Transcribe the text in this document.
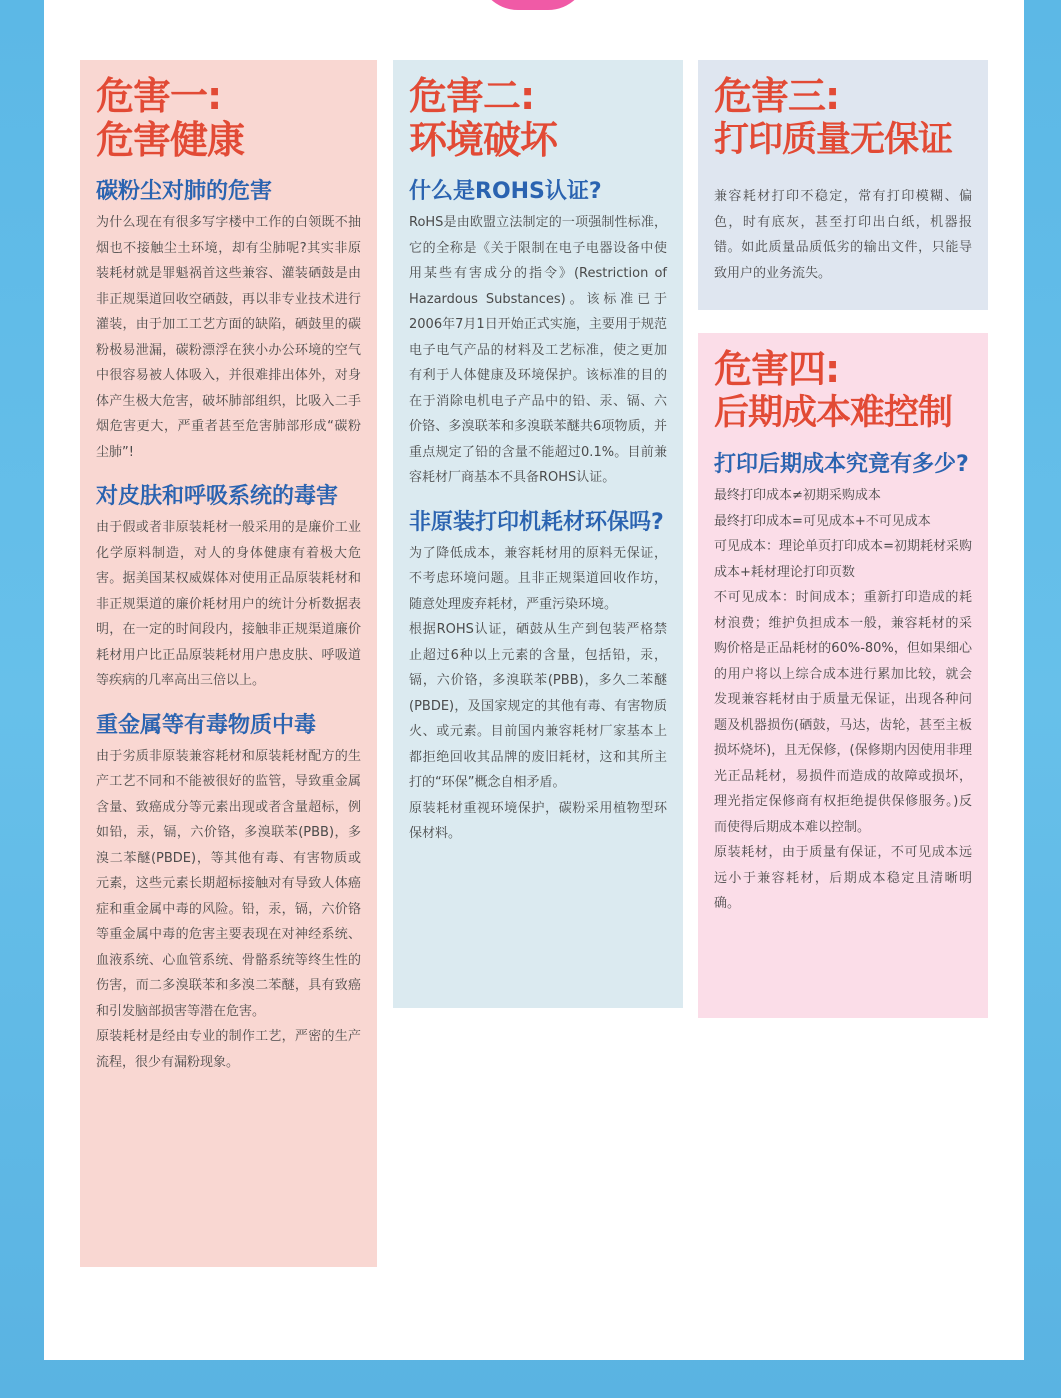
危害一:
危害健康
碳粉尘对肺的危害

为什么现在有很多写字楼中工作的白领既不抽烟也不接触尘土环境，却有尘肺呢?其实非原装耗材就是罪魁祸首这些兼容、灌装硒鼓是由非正规渠道回收空硒鼓，再以非专业技术进行灌装，由于加工工艺方面的缺陷，硒鼓里的碳粉极易泄漏，碳粉漂浮在狭小办公环境的空气中很容易被人体吸入，并很难排出体外，对身体产生极大危害，破坏肺部组织，比吸入二手烟危害更大，严重者甚至危害肺部形成“碳粉尘肺”!

对皮肤和呼吸系统的毒害

由于假或者非原装耗材一般采用的是廉价工业化学原料制造，对人的身体健康有着极大危害。据美国某权威媒体对使用正品原装耗材和非正规渠道的廉价耗材用户的统计分析数据表明，在一定的时间段内，接触非正规渠道廉价耗材用户比正品原装耗材用户患皮肤、呼吸道等疾病的几率高出三倍以上。

重金属等有毒物质中毒

由于劣质非原装兼容耗材和原装耗材配方的生产工艺不同和不能被很好的监管，导致重金属含量、致癌成分等元素出现或者含量超标，例如铅，汞，镉，六价铬，多溴联苯(PBB)，多溴二苯醚(PBDE)，等其他有毒、有害物质或元素，这些元素长期超标接触对有导致人体癌症和重金属中毒的风险。铅，汞，镉，六价铬等重金属中毒的危害主要表现在对神经系统、血液系统、心血管系统、骨骼系统等终生性的伤害，而二多溴联苯和多溴二苯醚，具有致癌和引发脑部损害等潜在危害。

原装耗材是经由专业的制作工艺，严密的生产流程，很少有漏粉现象。

危害二:
环境破坏
什么是ROHS认证?

RoHS是由欧盟立法制定的一项强制性标准，它的全称是《关于限制在电子电器设备中使用某些有害成分的指令》(Restriction of Hazardous Substances)。该标准已于2006年7月1日开始正式实施，主要用于规范电子电气产品的材料及工艺标准，使之更加有利于人体健康及环境保护。该标准的目的在于消除电机电子产品中的铅、汞、镉、六价铬、多溴联苯和多溴联苯醚共6项物质，并重点规定了铅的含量不能超过0.1%。目前兼容耗材厂商基本不具备ROHS认证。

非原装打印机耗材环保吗?

为了降低成本，兼容耗材用的原料无保证，不考虑环境问题。且非正规渠道回收作坊，随意处理废弃耗材，严重污染环境。

根据ROHS认证，硒鼓从生产到包装严格禁止超过6种以上元素的含量，包括铅，汞，镉，六价铬，多溴联苯(PBB)，多久二苯醚(PBDE)，及国家规定的其他有毒、有害物质火、或元素。目前国内兼容耗材厂家基本上都拒绝回收其品牌的废旧耗材，这和其所主打的“环保”概念自相矛盾。

原装耗材重视环境保护，碳粉采用植物型环保材料。

危害三:
打印质量无保证

兼容耗材打印不稳定，常有打印模糊、偏色，时有底灰，甚至打印出白纸，机器报错。如此质量品质低劣的输出文件，只能导致用户的业务流失。

危害四:
后期成本难控制
打印后期成本究竟有多少?

最终打印成本≠初期采购成本

最终打印成本=可见成本+不可见成本

可见成本：理论单页打印成本=初期耗材采购成本+耗材理论打印页数

不可见成本：时间成本；重新打印造成的耗材浪费；维护负担成本一般，兼容耗材的采购价格是正品耗材的60%-80%，但如果细心的用户将以上综合成本进行累加比较，就会发现兼容耗材由于质量无保证，出现各种问题及机器损伤(硒鼓，马达，齿轮，甚至主板损坏烧坏)，且无保修，(保修期内因使用非理光正品耗材，易损件而造成的故障或损坏，理光指定保修商有权拒绝提供保修服务。)反而使得后期成本难以控制。

原装耗材，由于质量有保证，不可见成本远远小于兼容耗材，后期成本稳定且清晰明确。
